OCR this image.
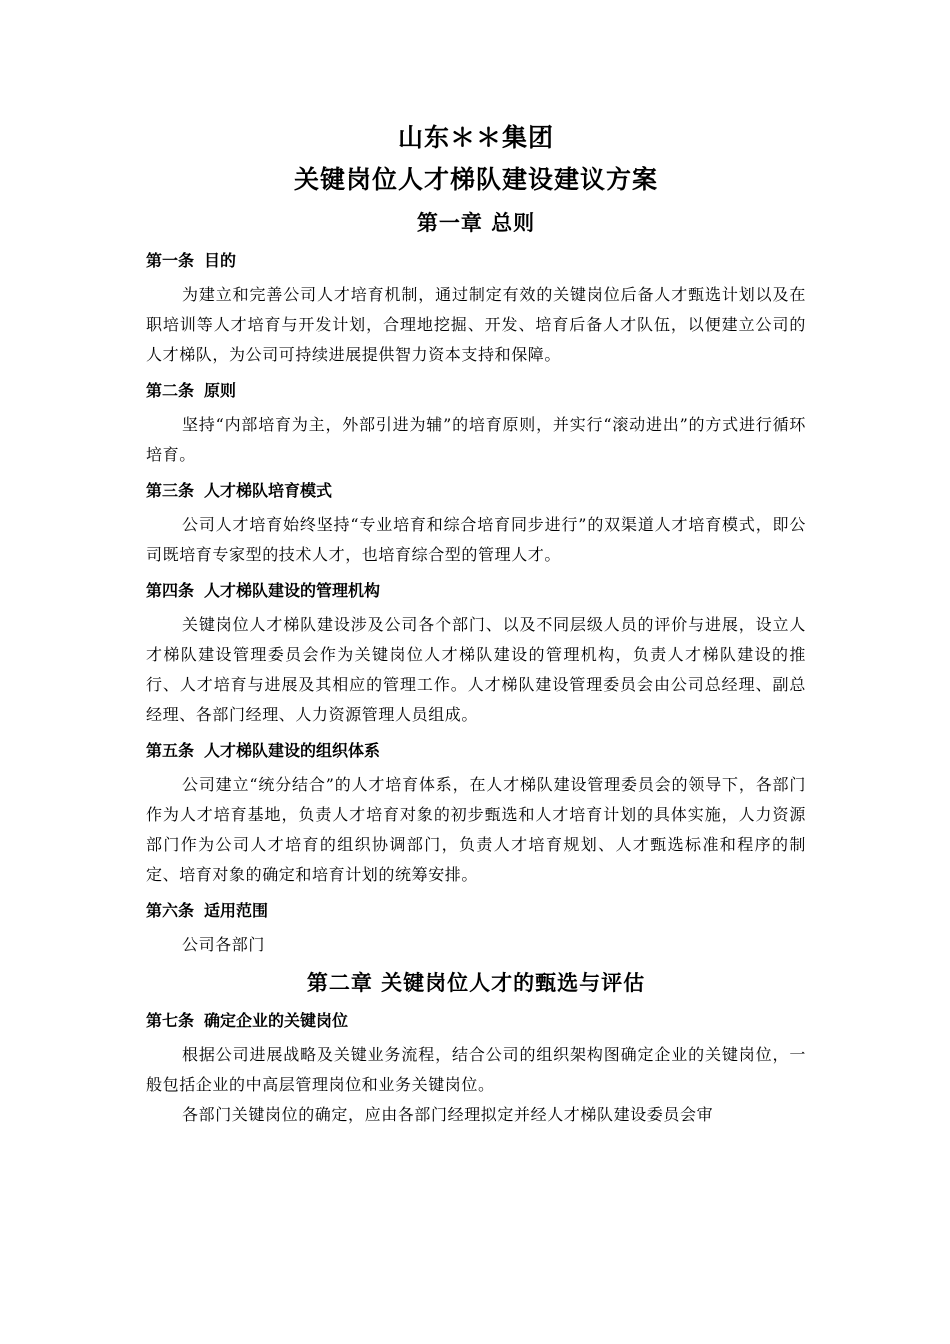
山东＊＊集团
关键岗位人才梯队建设建议方案
第一章 总则
第一条 目的

为建立和完善公司人才培育机制，通过制定有效的关键岗位后备人才甄选计划以及在职培训等人才培育与开发计划，合理地挖掘、开发、培育后备人才队伍，以便建立公司的人才梯队，为公司可持续进展提供智力资本支持和保障。

第二条 原则

坚持“内部培育为主，外部引进为辅”的培育原则，并实行“滚动进出”的方式进行循环培育。

第三条 人才梯队培育模式

公司人才培育始终坚持“专业培育和综合培育同步进行”的双渠道人才培育模式，即公司既培育专家型的技术人才，也培育综合型的管理人才。

第四条 人才梯队建设的管理机构

关键岗位人才梯队建设涉及公司各个部门、以及不同层级人员的评价与进展，设立人才梯队建设管理委员会作为关键岗位人才梯队建设的管理机构，负责人才梯队建设的推行、人才培育与进展及其相应的管理工作。人才梯队建设管理委员会由公司总经理、副总经理、各部门经理、人力资源管理人员组成。

第五条 人才梯队建设的组织体系

公司建立“统分结合”的人才培育体系，在人才梯队建设管理委员会的领导下，各部门作为人才培育基地，负责人才培育对象的初步甄选和人才培育计划的具体实施，人力资源部门作为公司人才培育的组织协调部门，负责人才培育规划、人才甄选标准和程序的制定、培育对象的确定和培育计划的统筹安排。

第六条 适用范围

公司各部门

第二章 关键岗位人才的甄选与评估
第七条 确定企业的关键岗位

根据公司进展战略及关键业务流程，结合公司的组织架构图确定企业的关键岗位，一般包括企业的中高层管理岗位和业务关键岗位。

各部门关键岗位的确定，应由各部门经理拟定并经人才梯队建设委员会审
